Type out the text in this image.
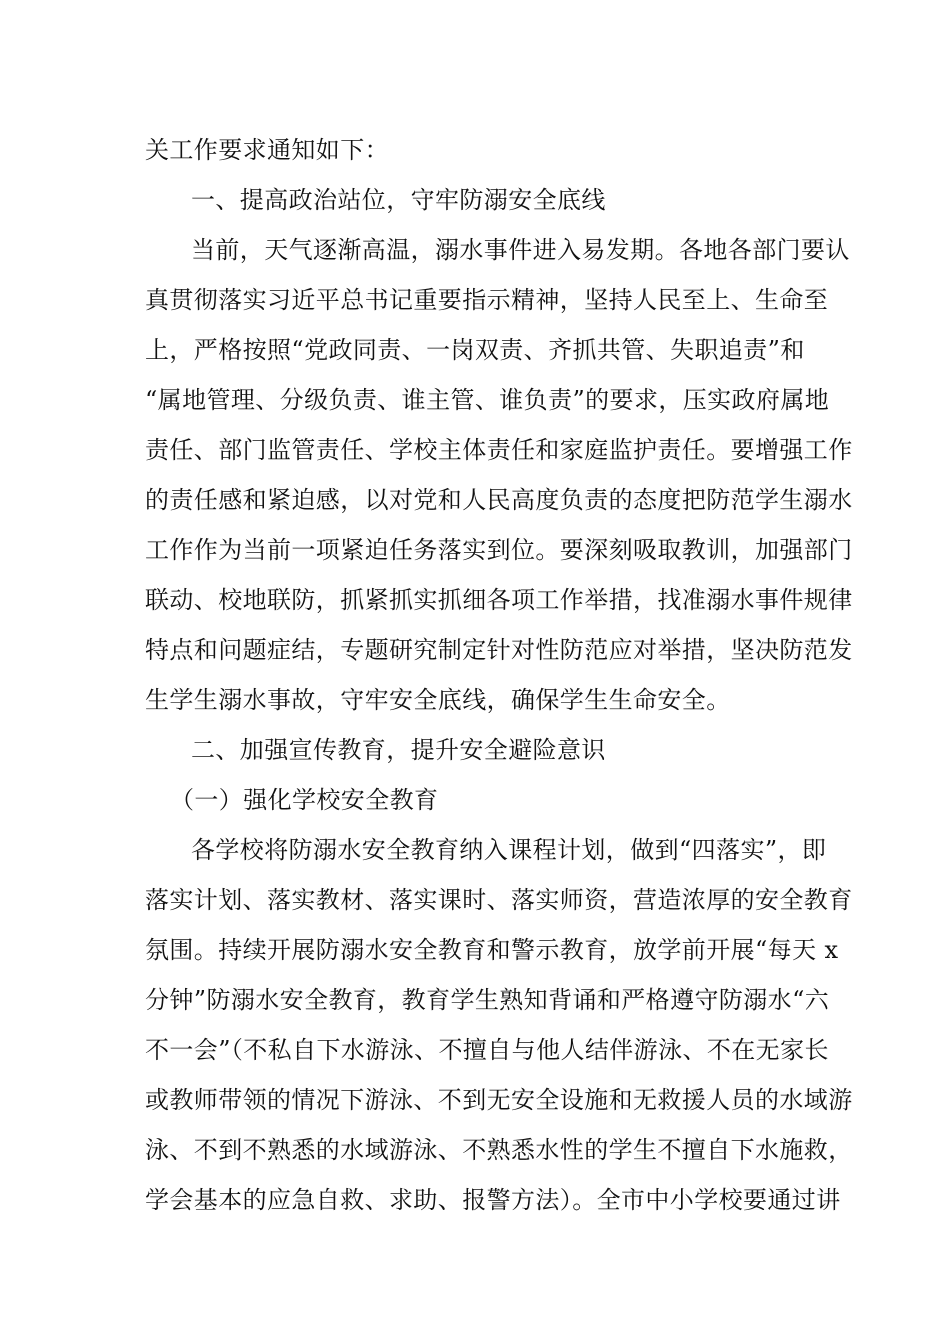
关工作要求通知如下：
一、提高政治站位，守牢防溺安全底线
当前，天气逐渐高温，溺水事件进入易发期。各地各部门要认
真贯彻落实习近平总书记重要指示精神，坚持人民至上、生命至
上，严格按照“党政同责、一岗双责、齐抓共管、失职追责”和
“属地管理、分级负责、谁主管、谁负责”的要求，压实政府属地
责任、部门监管责任、学校主体责任和家庭监护责任。要增强工作
的责任感和紧迫感，以对党和人民高度负责的态度把防范学生溺水
工作作为当前一项紧迫任务落实到位。要深刻吸取教训，加强部门
联动、校地联防，抓紧抓实抓细各项工作举措，找准溺水事件规律
特点和问题症结，专题研究制定针对性防范应对举措，坚决防范发
生学生溺水事故，守牢安全底线，确保学生生命安全。
二、加强宣传教育，提升安全避险意识
（一）强化学校安全教育
各学校将防溺水安全教育纳入课程计划，做到“四落实”，即
落实计划、落实教材、落实课时、落实师资，营造浓厚的安全教育
氛围。持续开展防溺水安全教育和警示教育，放学前开展“每天 x
分钟”防溺水安全教育，教育学生熟知背诵和严格遵守防溺水“六
不一会”（不私自下水游泳、不擅自与他人结伴游泳、不在无家长
或教师带领的情况下游泳、不到无安全设施和无救援人员的水域游
泳、不到不熟悉的水域游泳、不熟悉水性的学生不擅自下水施救，
学会基本的应急自救、求助、报警方法）。全市中小学校要通过讲
